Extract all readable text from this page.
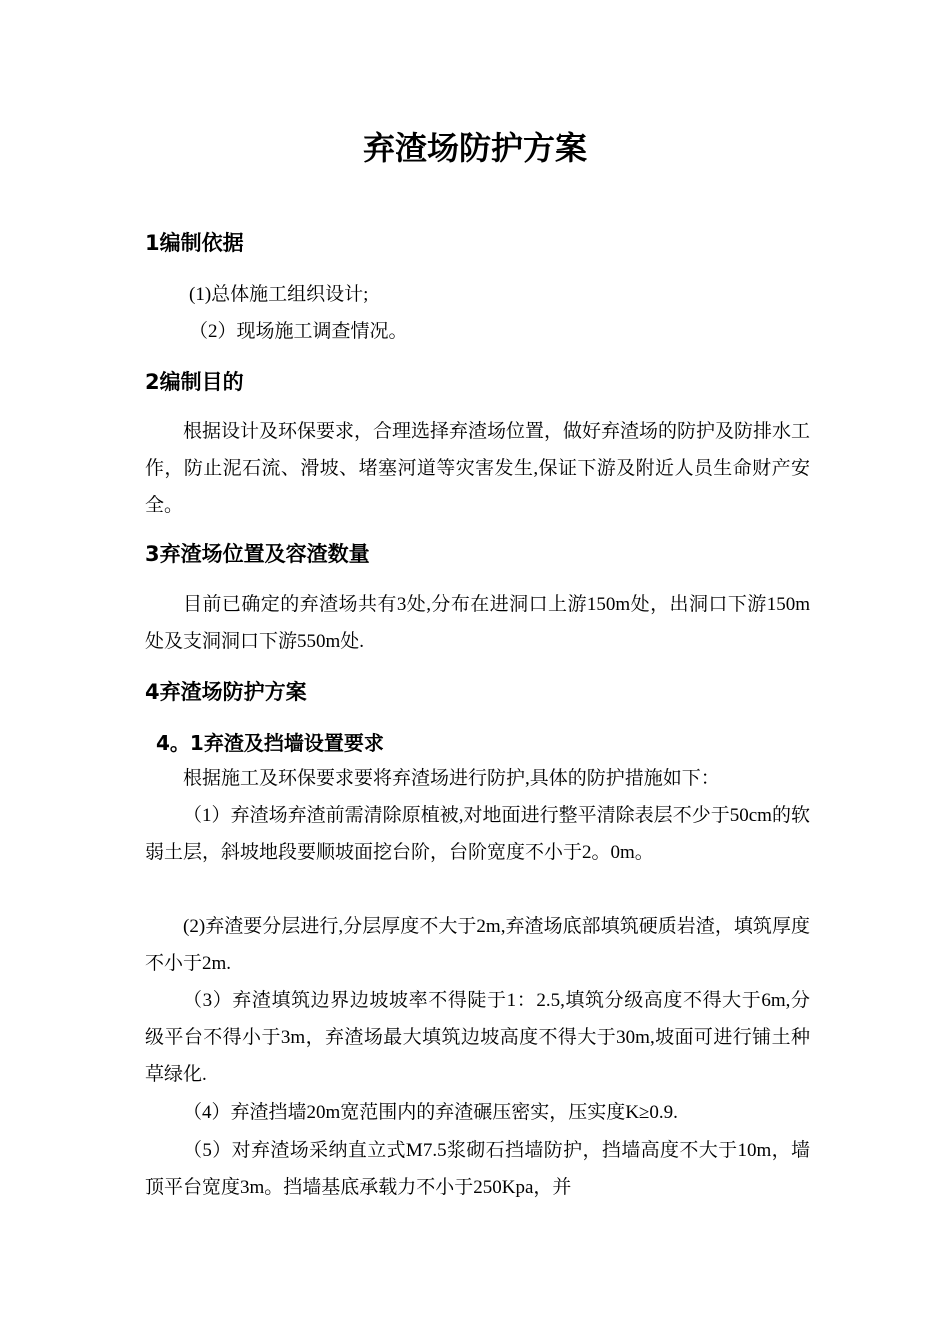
弃渣场防护方案
1编制依据
(1)总体施工组织设计;
（2）现场施工调查情况。
2编制目的
根据设计及环保要求，合理选择弃渣场位置，做好弃渣场的防护及防排水工作，防止泥石流、滑坡、堵塞河道等灾害发生,保证下游及附近人员生命财产安全。
3弃渣场位置及容渣数量
目前已确定的弃渣场共有3处,分布在进洞口上游150m处，出洞口下游150m处及支洞洞口下游550m处.
4弃渣场防护方案
4。1弃渣及挡墙设置要求
根据施工及环保要求要将弃渣场进行防护,具体的防护措施如下：
（1）弃渣场弃渣前需清除原植被,对地面进行整平清除表层不少于50cm的软弱土层，斜坡地段要顺坡面挖台阶，台阶宽度不小于2。0m。
(2)弃渣要分层进行,分层厚度不大于2m,弃渣场底部填筑硬质岩渣，填筑厚度不小于2m.
（3）弃渣填筑边界边坡坡率不得陡于1：2.5,填筑分级高度不得大于6m,分级平台不得小于3m，弃渣场最大填筑边坡高度不得大于30m,坡面可进行铺土种草绿化.
（4）弃渣挡墙20m宽范围内的弃渣碾压密实，压实度K≥0.9.
（5）对弃渣场采纳直立式M7.5浆砌石挡墙防护，挡墙高度不大于10m，墙顶平台宽度3m。挡墙基底承载力不小于250Kpa，并
